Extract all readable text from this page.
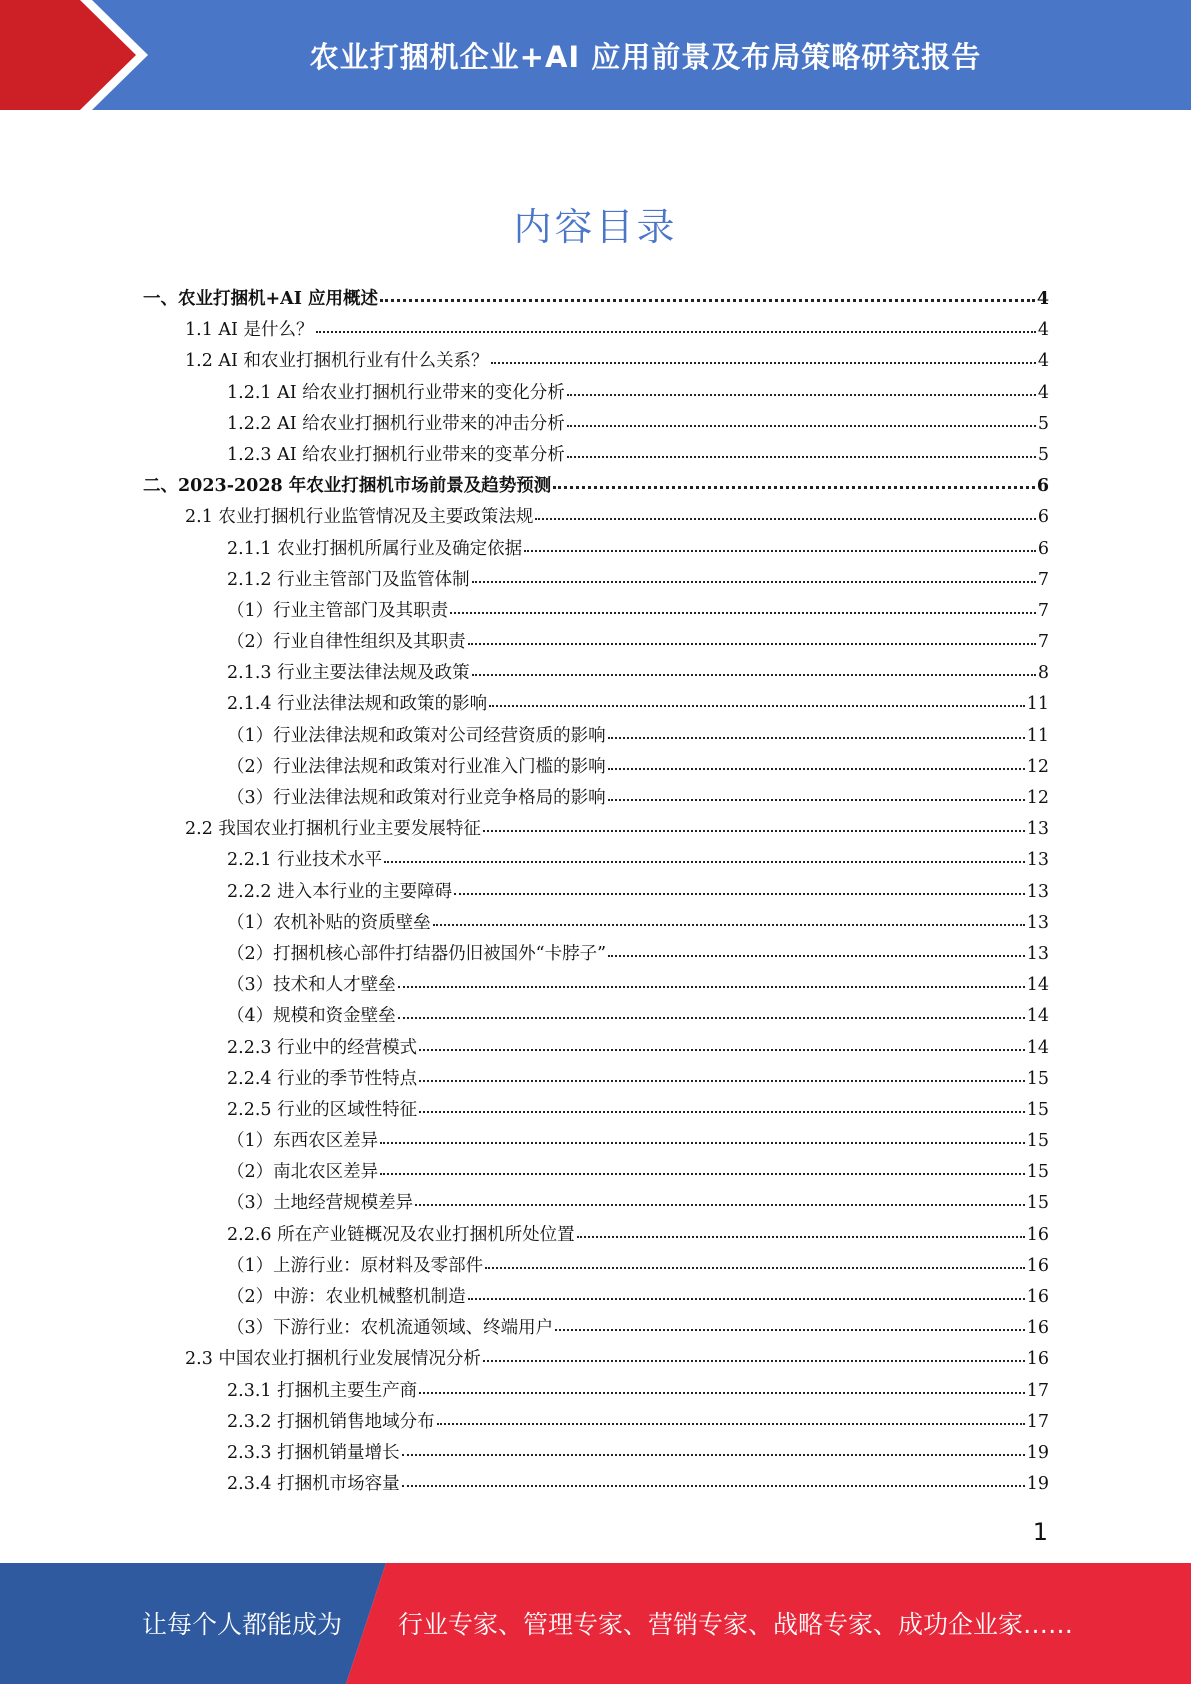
农业打捆机企业+AI 应用前景及布局策略研究报告
内容目录
一、农业打捆机+AI 应用概述	4
1.1 AI 是什么？	4
1.2 AI 和农业打捆机行业有什么关系？	4
1.2.1 AI 给农业打捆机行业带来的变化分析	4
1.2.2 AI 给农业打捆机行业带来的冲击分析	5
1.2.3 AI 给农业打捆机行业带来的变革分析	5
二、2023-2028 年农业打捆机市场前景及趋势预测	6
2.1 农业打捆机行业监管情况及主要政策法规	6
2.1.1 农业打捆机所属行业及确定依据	6
2.1.2 行业主管部门及监管体制	7
（1）行业主管部门及其职责	7
（2）行业自律性组织及其职责	7
2.1.3 行业主要法律法规及政策	8
2.1.4 行业法律法规和政策的影响	11
（1）行业法律法规和政策对公司经营资质的影响	11
（2）行业法律法规和政策对行业准入门槛的影响	12
（3）行业法律法规和政策对行业竞争格局的影响	12
2.2 我国农业打捆机行业主要发展特征	13
2.2.1 行业技术水平	13
2.2.2 进入本行业的主要障碍	13
（1）农机补贴的资质壁垒	13
（2）打捆机核心部件打结器仍旧被国外“卡脖子”	13
（3）技术和人才壁垒	14
（4）规模和资金壁垒	14
2.2.3 行业中的经营模式	14
2.2.4 行业的季节性特点	15
2.2.5 行业的区域性特征	15
（1）东西农区差异	15
（2）南北农区差异	15
（3）土地经营规模差异	15
2.2.6 所在产业链概况及农业打捆机所处位置	16
（1）上游行业：原材料及零部件	16
（2）中游：农业机械整机制造	16
（3）下游行业：农机流通领域、终端用户	16
2.3 中国农业打捆机行业发展情况分析	16
2.3.1 打捆机主要生产商	17
2.3.2 打捆机销售地域分布	17
2.3.3 打捆机销量增长	19
2.3.4 打捆机市场容量	19
1
让每个人都能成为 行业专家、管理专家、营销专家、战略专家、成功企业家……
